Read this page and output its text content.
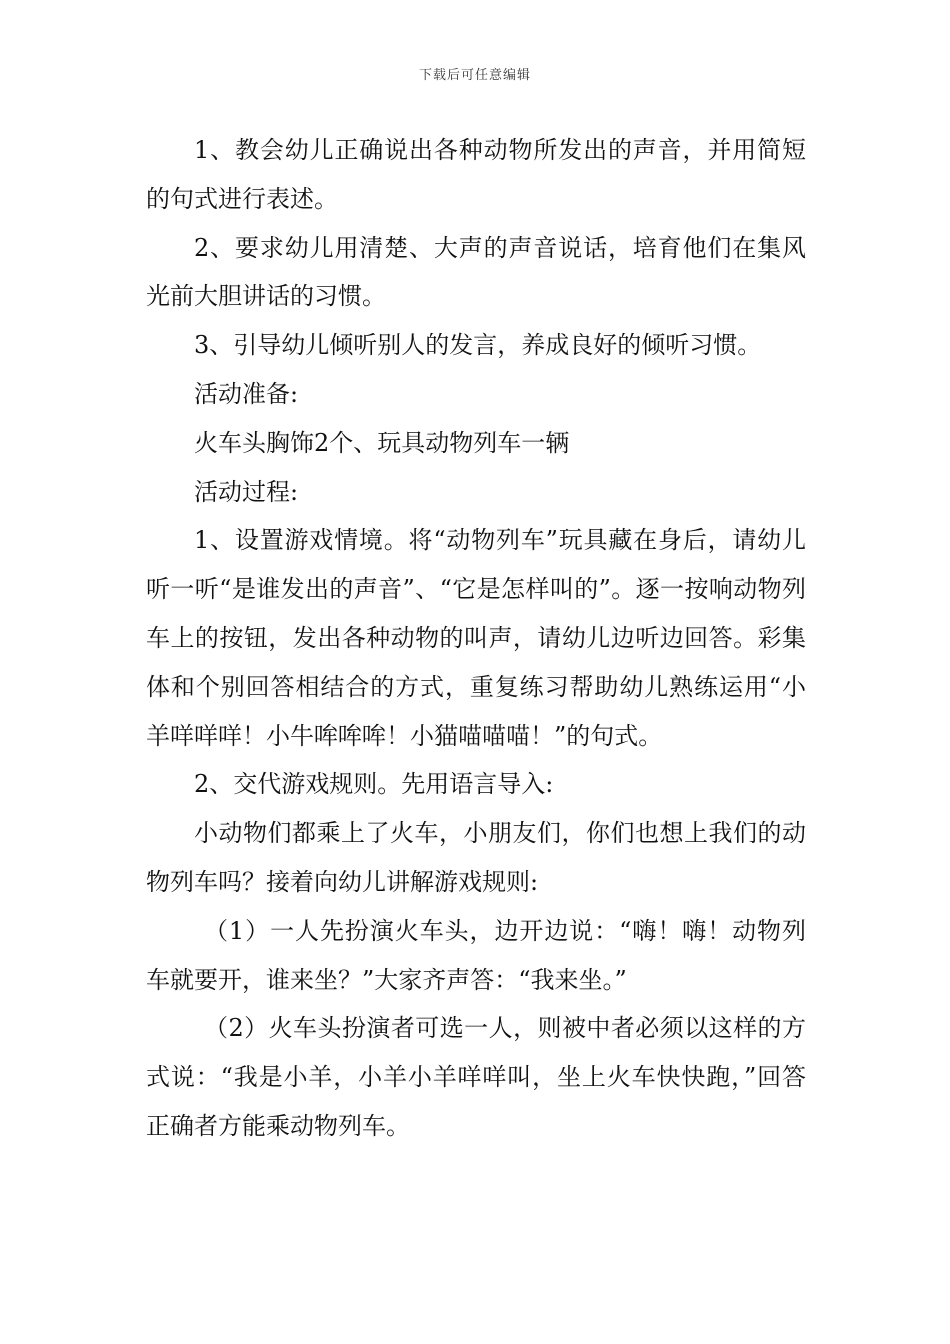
下载后可任意编辑

1、教会幼儿正确说出各种动物所发出的声音，并用简短的句式进行表述。

2、要求幼儿用清楚、大声的声音说话，培育他们在集风光前大胆讲话的习惯。

3、引导幼儿倾听别人的发言，养成良好的倾听习惯。

活动准备:

火车头胸饰2个、玩具动物列车一辆

活动过程:

1、设置游戏情境。将“动物列车”玩具藏在身后，请幼儿听一听“是谁发出的声音”、“它是怎样叫的”。逐一按响动物列车上的按钮，发出各种动物的叫声，请幼儿边听边回答。彩集体和个别回答相结合的方式，重复练习帮助幼儿熟练运用“小羊咩咩咩！小牛哞哞哞！小猫喵喵喵！”的句式。

2、交代游戏规则。先用语言导入:

小动物们都乘上了火车，小朋友们，你们也想上我们的动物列车吗？接着向幼儿讲解游戏规则:

（1）一人先扮演火车头，边开边说：“嗨！嗨！动物列车就要开，谁来坐？”大家齐声答：“我来坐。”

（2）火车头扮演者可选一人，则被中者必须以这样的方式说：“我是小羊，小羊小羊咩咩叫，坐上火车快快跑，”回答正确者方能乘动物列车。
